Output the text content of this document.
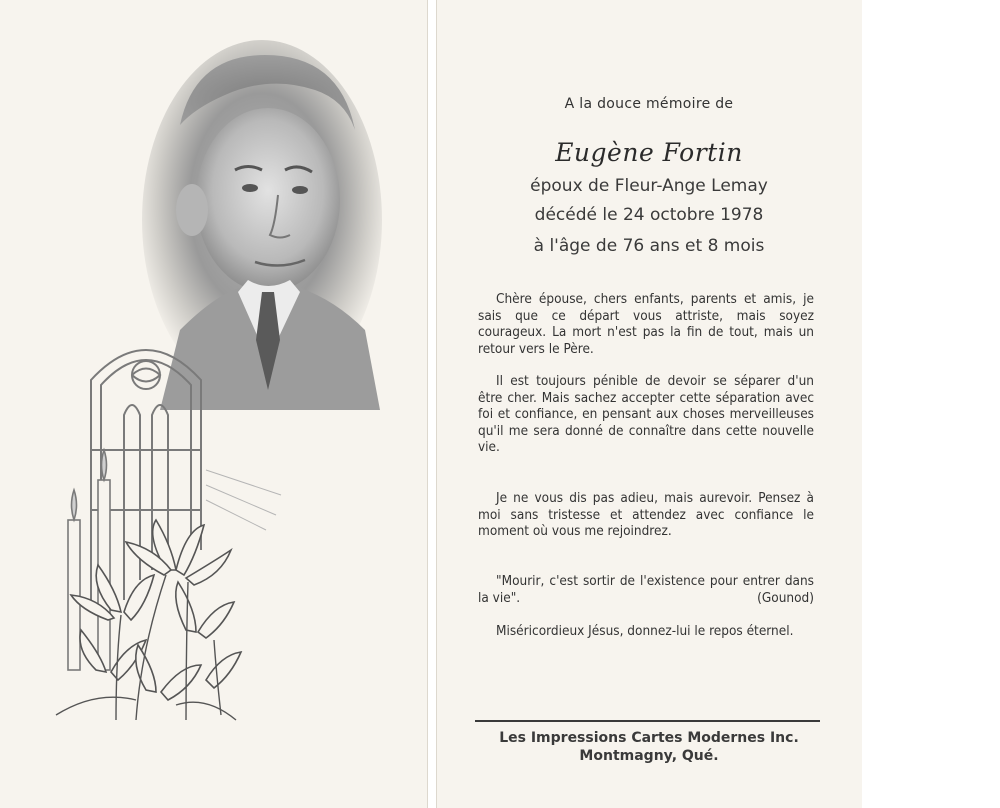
A la douce mémoire de
Eugène Fortin
époux de Fleur-Ange Lemay
décédé le 24 octobre 1978
à l'âge de 76 ans et 8 mois

Chère épouse, chers enfants, parents et amis, je sais que ce départ vous attriste, mais soyez courageux. La mort n'est pas la fin de tout, mais un retour vers le Père.

Il est toujours pénible de devoir se séparer d'un être cher. Mais sachez accepter cette séparation avec foi et confiance, en pensant aux choses merveilleuses qu'il me sera donné de connaître dans cette nouvelle vie.

Je ne vous dis pas adieu, mais aurevoir. Pensez à moi sans tristesse et attendez avec confiance le moment où vous me rejoindrez.

"Mourir, c'est sortir de l'existence pour entrer dans la vie".	(Gounod)

Miséricordieux Jésus, donnez-lui le repos éternel.

Les Impressions Cartes Modernes Inc.
Montmagny, Qué.
